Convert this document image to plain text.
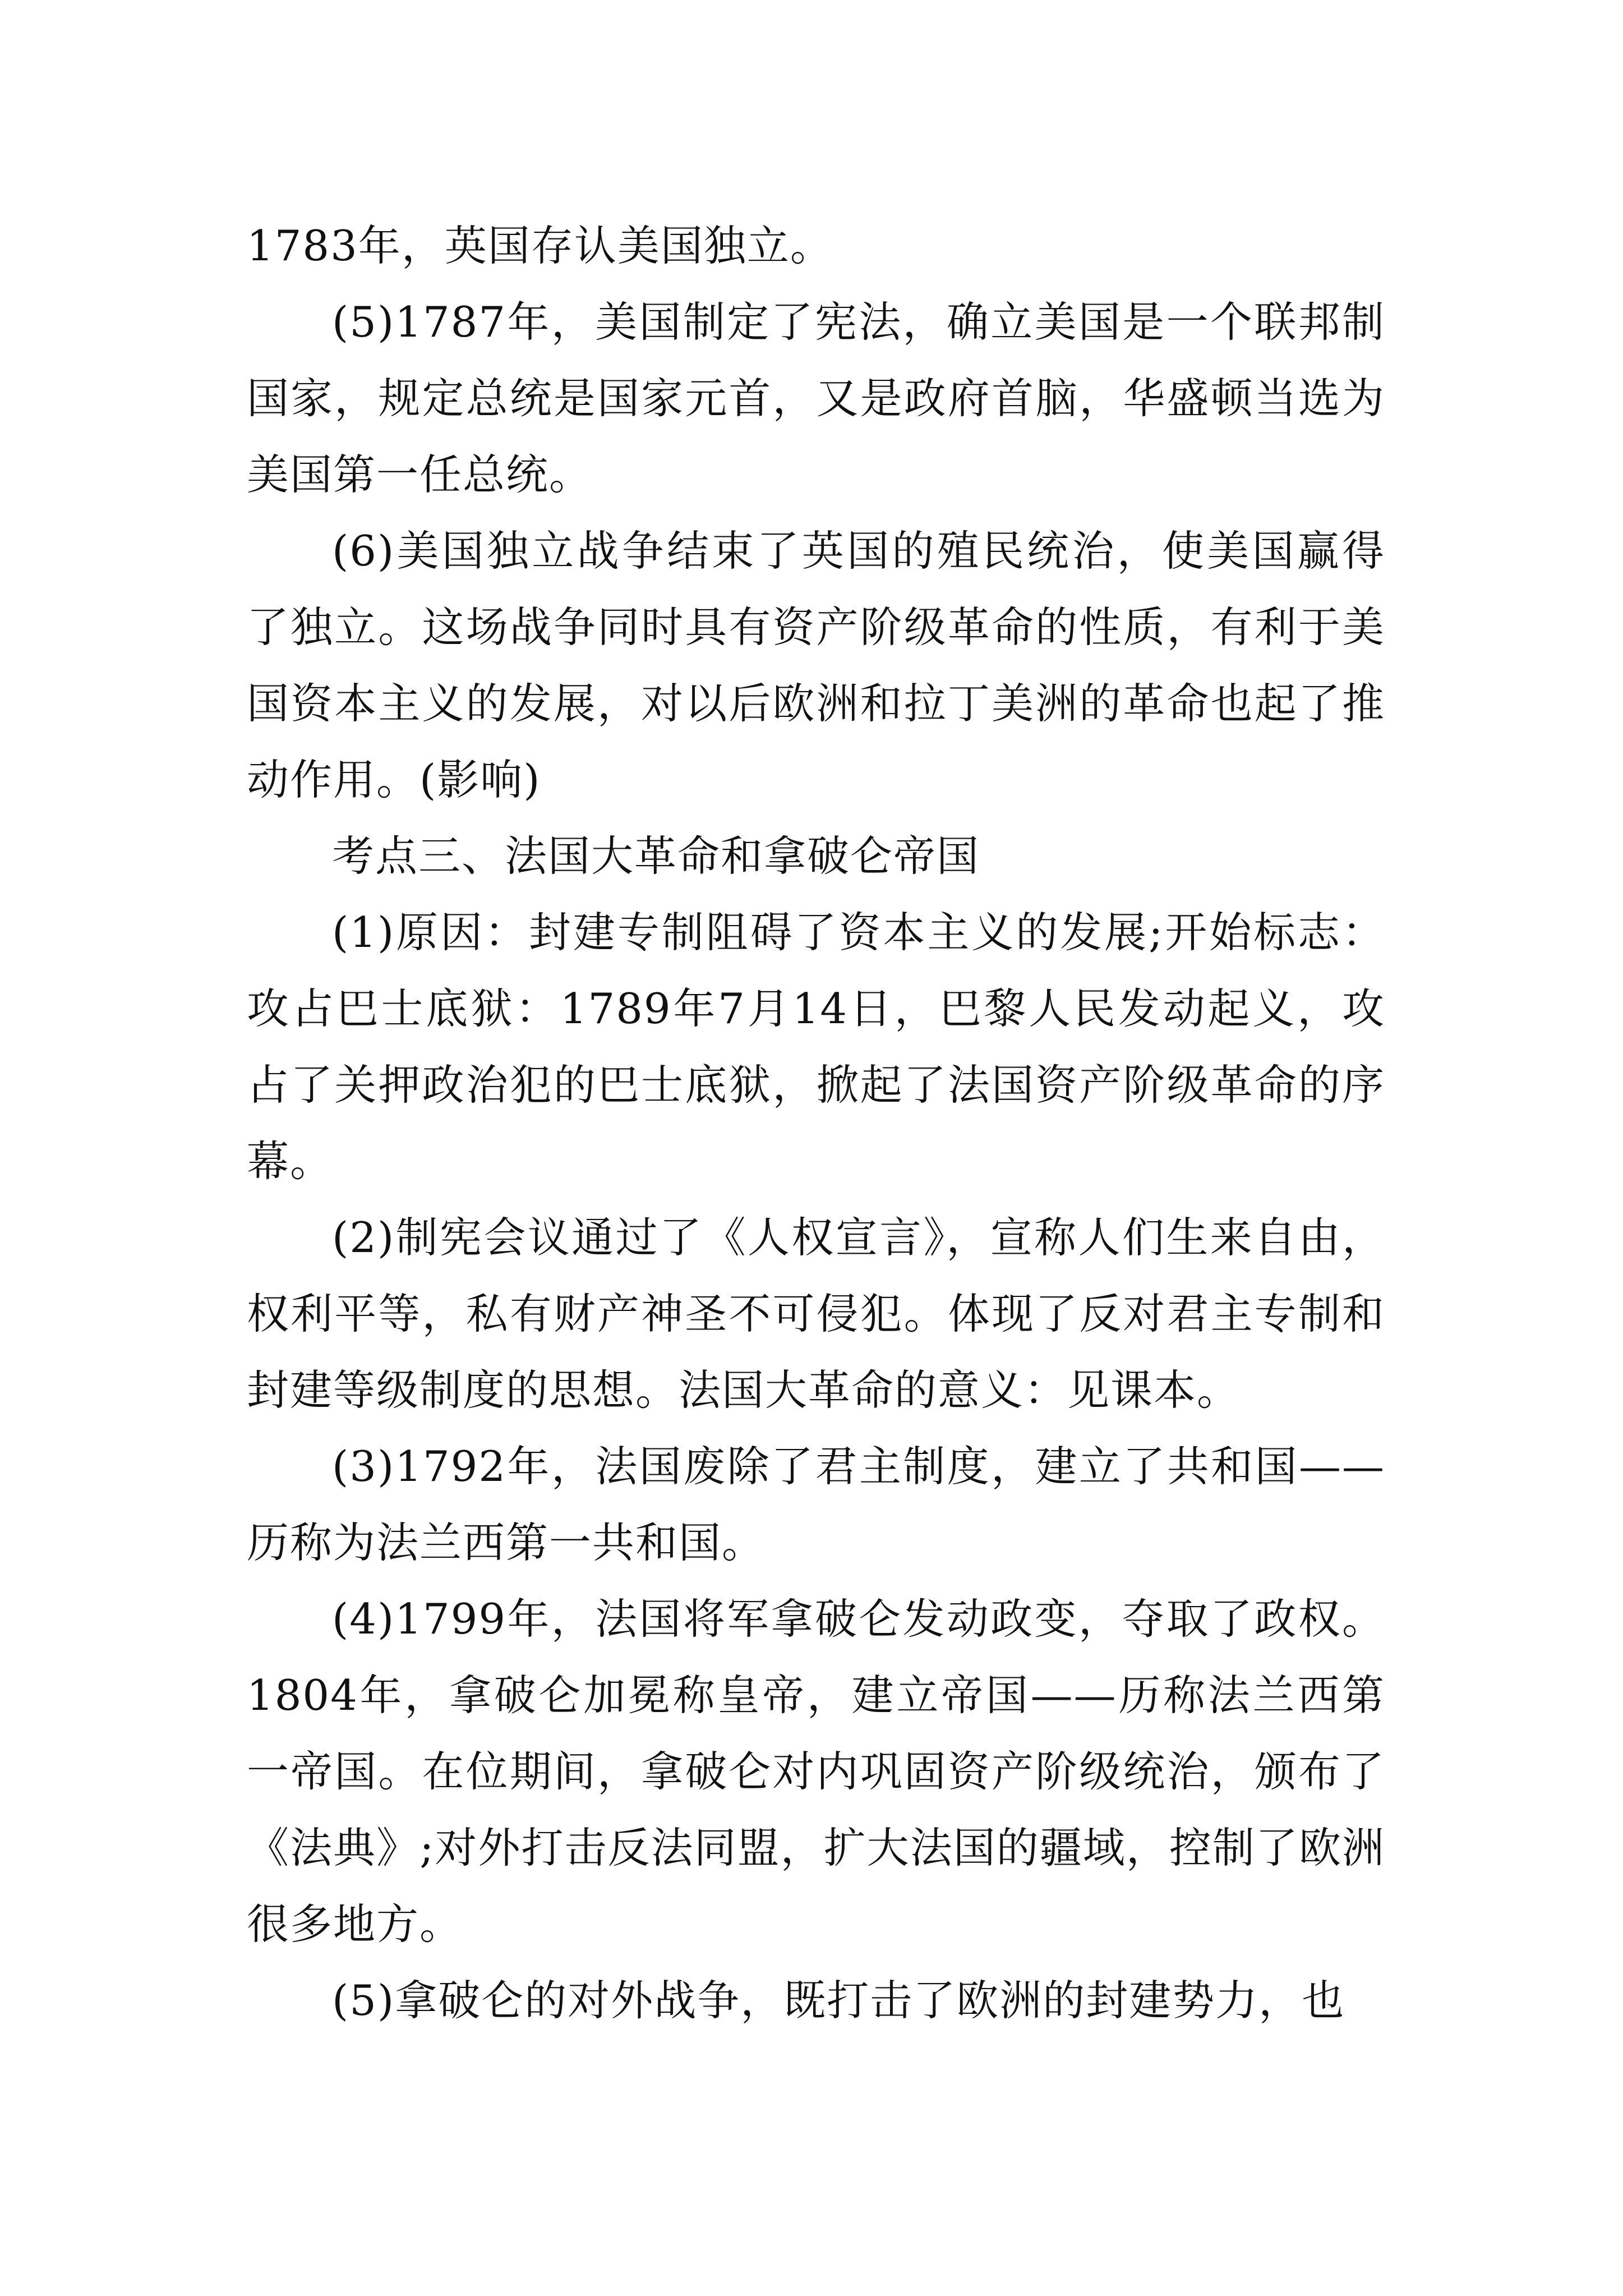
1783年，英国存认美国独立。

(5)1787年，美国制定了宪法，确立美国是一个联邦制国家，规定总统是国家元首，又是政府首脑，华盛顿当选为美国第一任总统。

(6)美国独立战争结束了英国的殖民统治，使美国赢得了独立。这场战争同时具有资产阶级革命的性质，有利于美国资本主义的发展，对以后欧洲和拉丁美洲的革命也起了推动作用。(影响)

考点三、法国大革命和拿破仑帝国

(1)原因：封建专制阻碍了资本主义的发展;开始标志：攻占巴士底狱：1789年7月14日，巴黎人民发动起义，攻占了关押政治犯的巴士底狱，掀起了法国资产阶级革命的序幕。

(2)制宪会议通过了《人权宣言》，宣称人们生来自由，权利平等，私有财产神圣不可侵犯。体现了反对君主专制和封建等级制度的思想。法国大革命的意义：见课本。

(3)1792年，法国废除了君主制度，建立了共和国——历称为法兰西第一共和国。

(4)1799年，法国将军拿破仑发动政变，夺取了政权。1804年，拿破仑加冕称皇帝，建立帝国——历称法兰西第一帝国。在位期间，拿破仑对内巩固资产阶级统治，颁布了《法典》;对外打击反法同盟，扩大法国的疆域，控制了欧洲很多地方。

(5)拿破仑的对外战争，既打击了欧洲的封建势力，也
